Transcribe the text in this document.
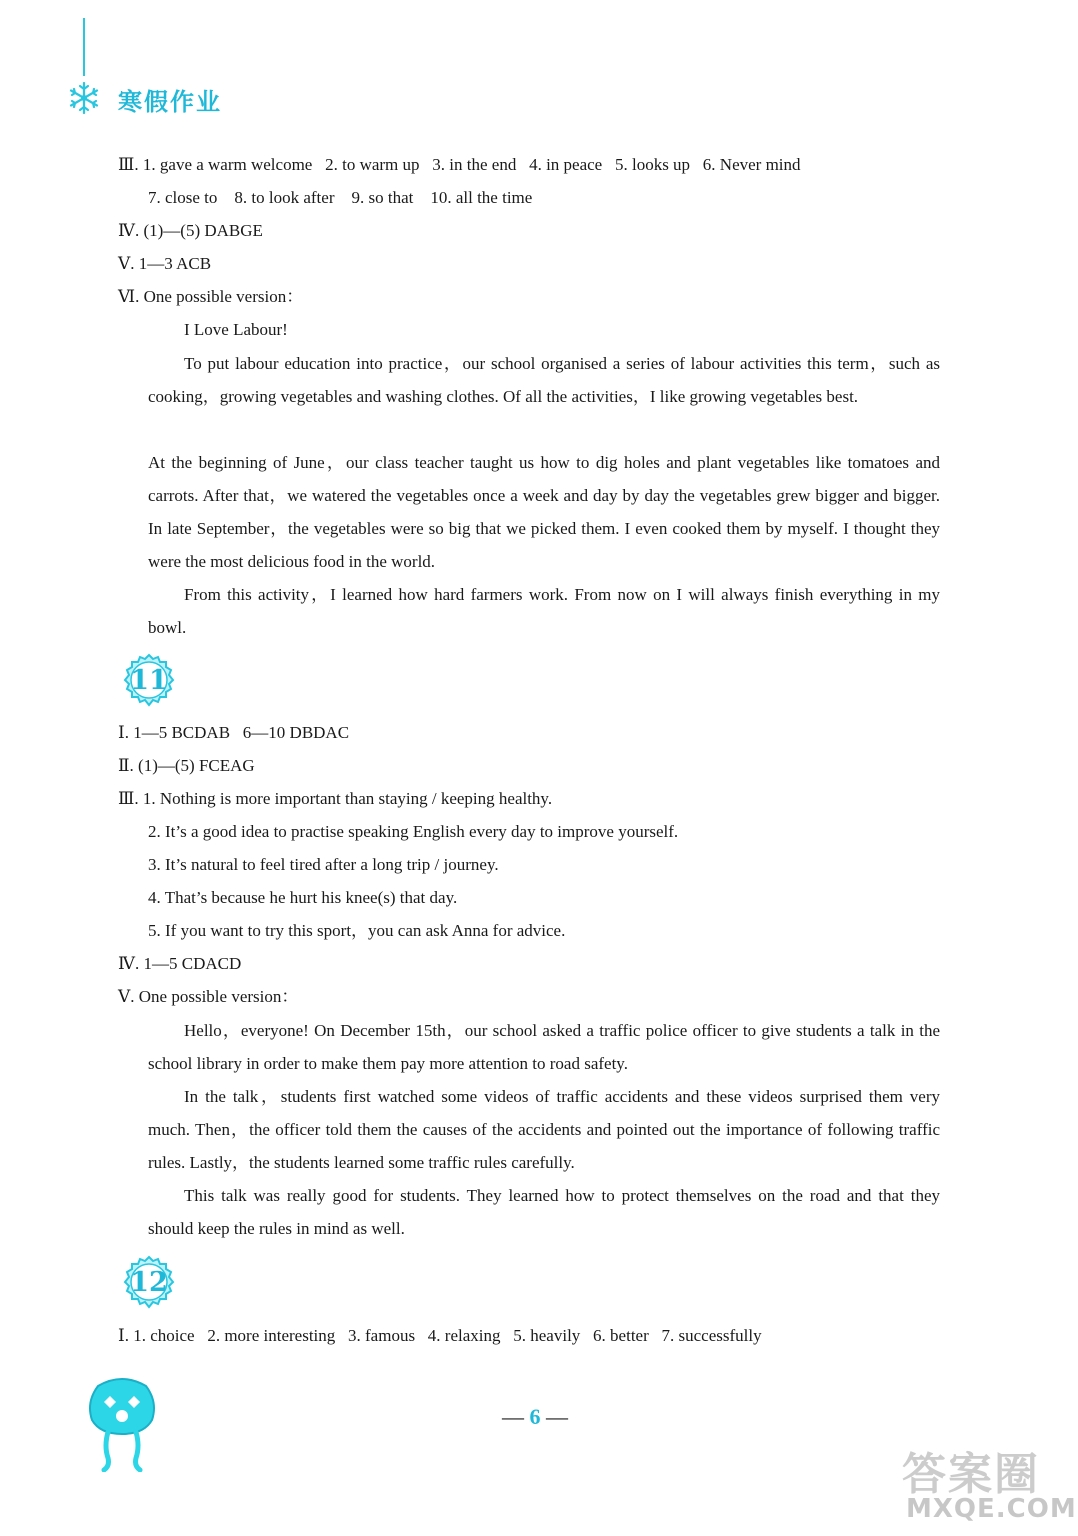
寒假作业
Ⅲ. 1. gave a warm welcome   2. to warm up   3. in the end   4. in peace   5. looks up   6. Never mind
7. close to    8. to look after    9. so that    10. all the time
Ⅳ. (1)—(5) DABGE
Ⅴ. 1—3 ACB
Ⅵ. One possible version：
I Love Labour!
To put labour education into practice，our school organised a series of labour activities this term，such as cooking，growing vegetables and washing clothes. Of all the activities，I like growing vegetables best.
At the beginning of June，our class teacher taught us how to dig holes and plant vegetables like tomatoes and carrots. After that，we watered the vegetables once a week and day by day the vegetables grew bigger and bigger. In late September，the vegetables were so big that we picked them. I even cooked them by myself. I thought they were the most delicious food in the world.
From this activity，I learned how hard farmers work. From now on I will always finish everything in my bowl.
11
Ⅰ. 1—5 BCDAB   6—10 DBDAC
Ⅱ. (1)—(5) FCEAG
Ⅲ. 1. Nothing is more important than staying / keeping healthy.
2. It’s a good idea to practise speaking English every day to improve yourself.
3. It’s natural to feel tired after a long trip / journey.
4. That’s because he hurt his knee(s) that day.
5. If you want to try this sport，you can ask Anna for advice.
Ⅳ. 1—5 CDACD
Ⅴ. One possible version：
Hello，everyone! On December 15th，our school asked a traffic police officer to give students a talk in the school library in order to make them pay more attention to road safety.
In the talk，students first watched some videos of traffic accidents and these videos surprised them very much. Then，the officer told them the causes of the accidents and pointed out the importance of following traffic rules. Lastly，the students learned some traffic rules carefully.
This talk was really good for students. They learned how to protect themselves on the road and that they should keep the rules in mind as well.
12
Ⅰ. 1. choice   2. more interesting   3. famous   4. relaxing   5. heavily   6. better   7. successfully
— 6 —
答案圈
MXQE.COM
